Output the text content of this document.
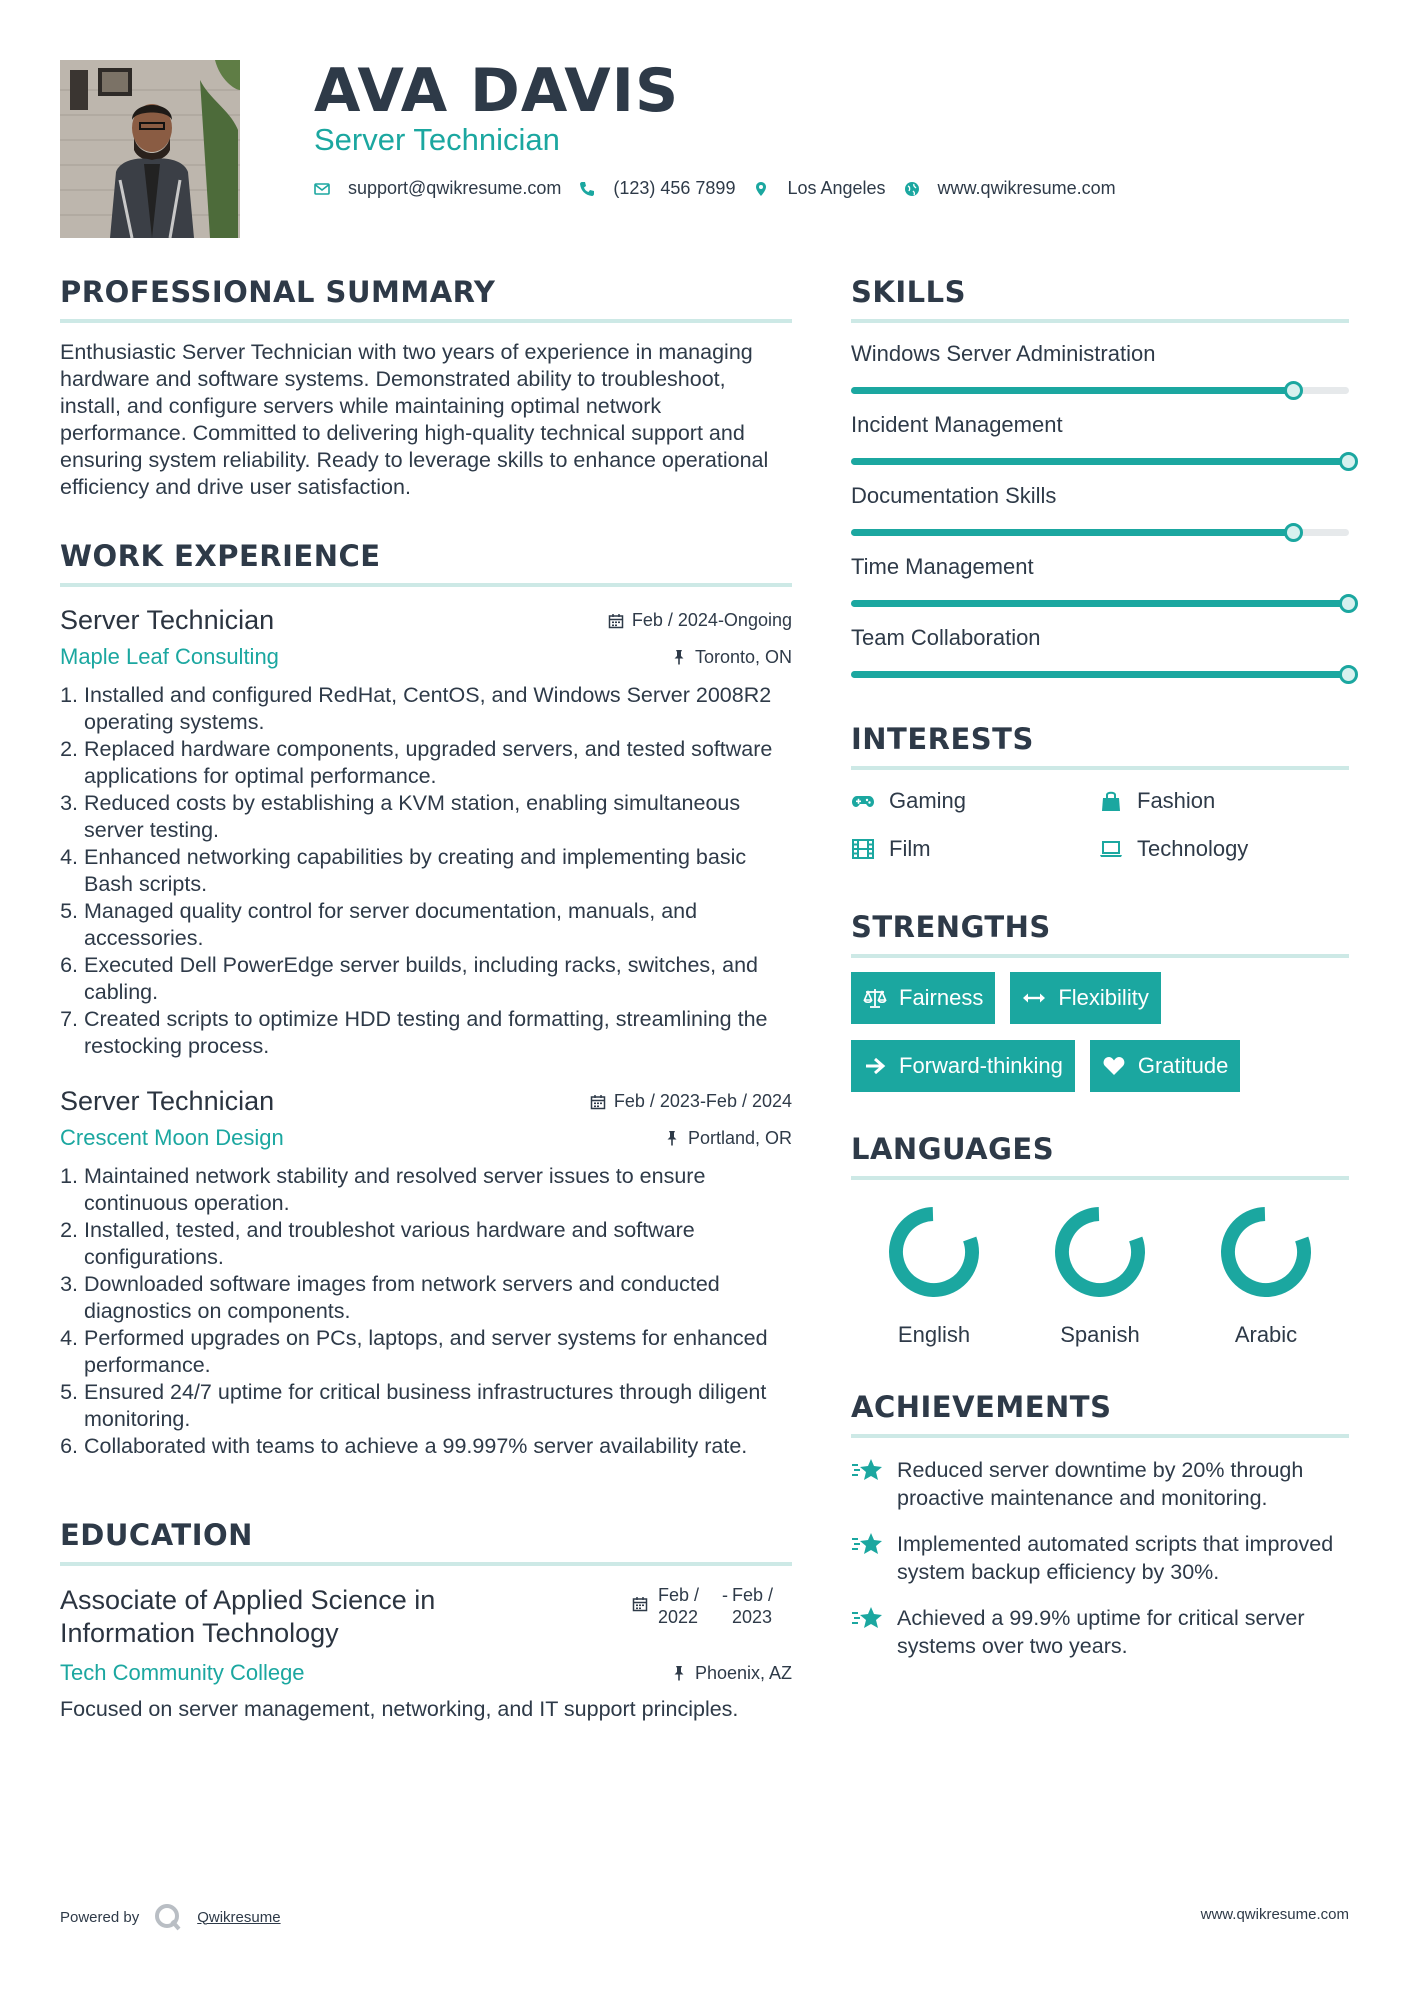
AVA DAVIS
Server Technician
support@qwikresume.com	(123) 456 7899	Los Angeles	www.qwikresume.com
PROFESSIONAL SUMMARY
Enthusiastic Server Technician with two years of experience in managing hardware and software systems. Demonstrated ability to troubleshoot, install, and configure servers while maintaining optimal network performance. Committed to delivering high-quality technical support and ensuring system reliability. Ready to leverage skills to enhance operational efficiency and drive user satisfaction.
WORK EXPERIENCE
Server Technician	Feb / 2024-Ongoing
Maple Leaf Consulting	Toronto, ON
1.
Installed and configured RedHat, CentOS, and Windows Server 2008R2 operating systems.
2.
Replaced hardware components, upgraded servers, and tested software applications for optimal performance.
3.
Reduced costs by establishing a KVM station, enabling simultaneous server testing.
4.
Enhanced networking capabilities by creating and implementing basic Bash scripts.
5.
Managed quality control for server documentation, manuals, and accessories.
6.
Executed Dell PowerEdge server builds, including racks, switches, and cabling.
7.
Created scripts to optimize HDD testing and formatting, streamlining the restocking process.
Server Technician	Feb / 2023-Feb / 2024
Crescent Moon Design	Portland, OR
1.
Maintained network stability and resolved server issues to ensure continuous operation.
2.
Installed, tested, and troubleshot various hardware and software configurations.
3.
Downloaded software images from network servers and conducted diagnostics on components.
4.
Performed upgrades on PCs, laptops, and server systems for enhanced performance.
5.
Ensured 24/7 uptime for critical business infrastructures through diligent monitoring.
6.
Collaborated with teams to achieve a 99.997% server availability rate.
EDUCATION
Associate of Applied Science in Information Technology
Feb / 2022
- Feb / 2023
Tech Community College	Phoenix, AZ
Focused on server management, networking, and IT support principles.
SKILLS
Windows Server Administration
Incident Management
Documentation Skills
Time Management
Team Collaboration
INTERESTS
Gaming	Fashion
Film	Technology
STRENGTHS
Fairness	Flexibility
Forward-thinking	Gratitude
LANGUAGES
English	Spanish	Arabic
ACHIEVEMENTS
Reduced server downtime by 20% through proactive maintenance and monitoring.
Implemented automated scripts that improved system backup efficiency by 30%.
Achieved a 99.9% uptime for critical server systems over two years.
Powered by	Qwikresume	www.qwikresume.com
